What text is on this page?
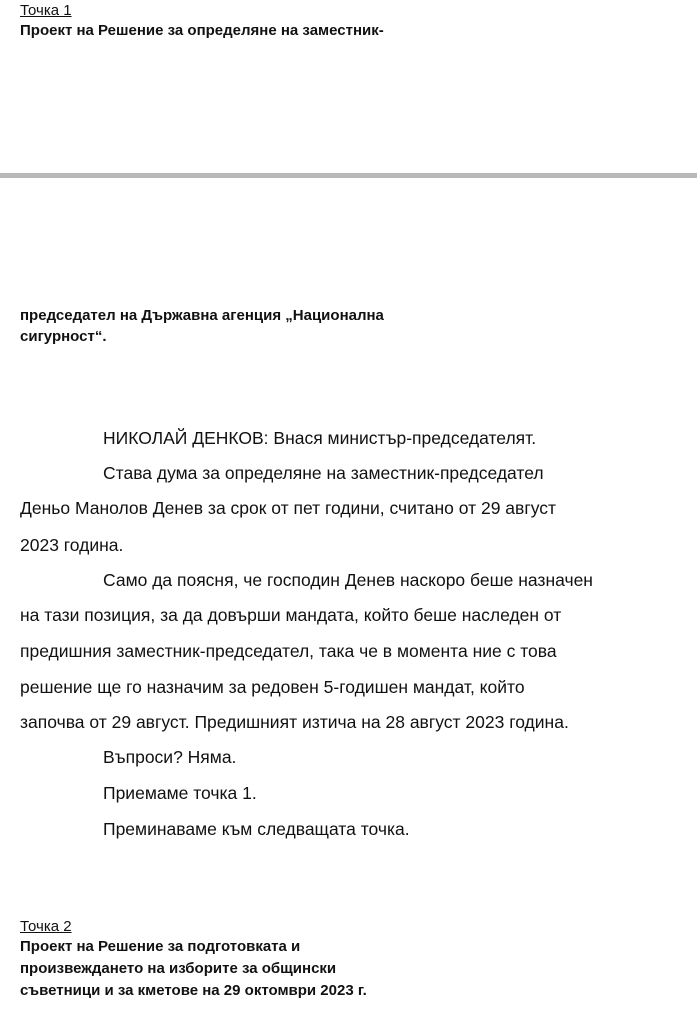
Точка 1
Проект на Решение за определяне на заместник-
председател на Държавна агенция „Национална
сигурност“.
НИКОЛАЙ ДЕНКОВ: Внася министър-председателят.
Става дума за определяне на заместник-председател
Деньо Манолов Денев за срок от пет години, считано от 29 август
2023 година.
Само да поясня, че господин Денев наскоро беше назначен
на тази позиция, за да довърши мандата, който беше наследен от
предишния заместник-председател, така че в момента ние с това
решение ще го назначим за редовен 5-годишен мандат, който
започва от 29 август. Предишният изтича на 28 август 2023 година.
Въпроси? Няма.
Приемаме точка 1.
Преминаваме към следващата точка.
Точка 2
Проект на Решение за подготовката и
произвеждането на изборите за общински
съветници и за кметове на 29 октомври 2023 г.
